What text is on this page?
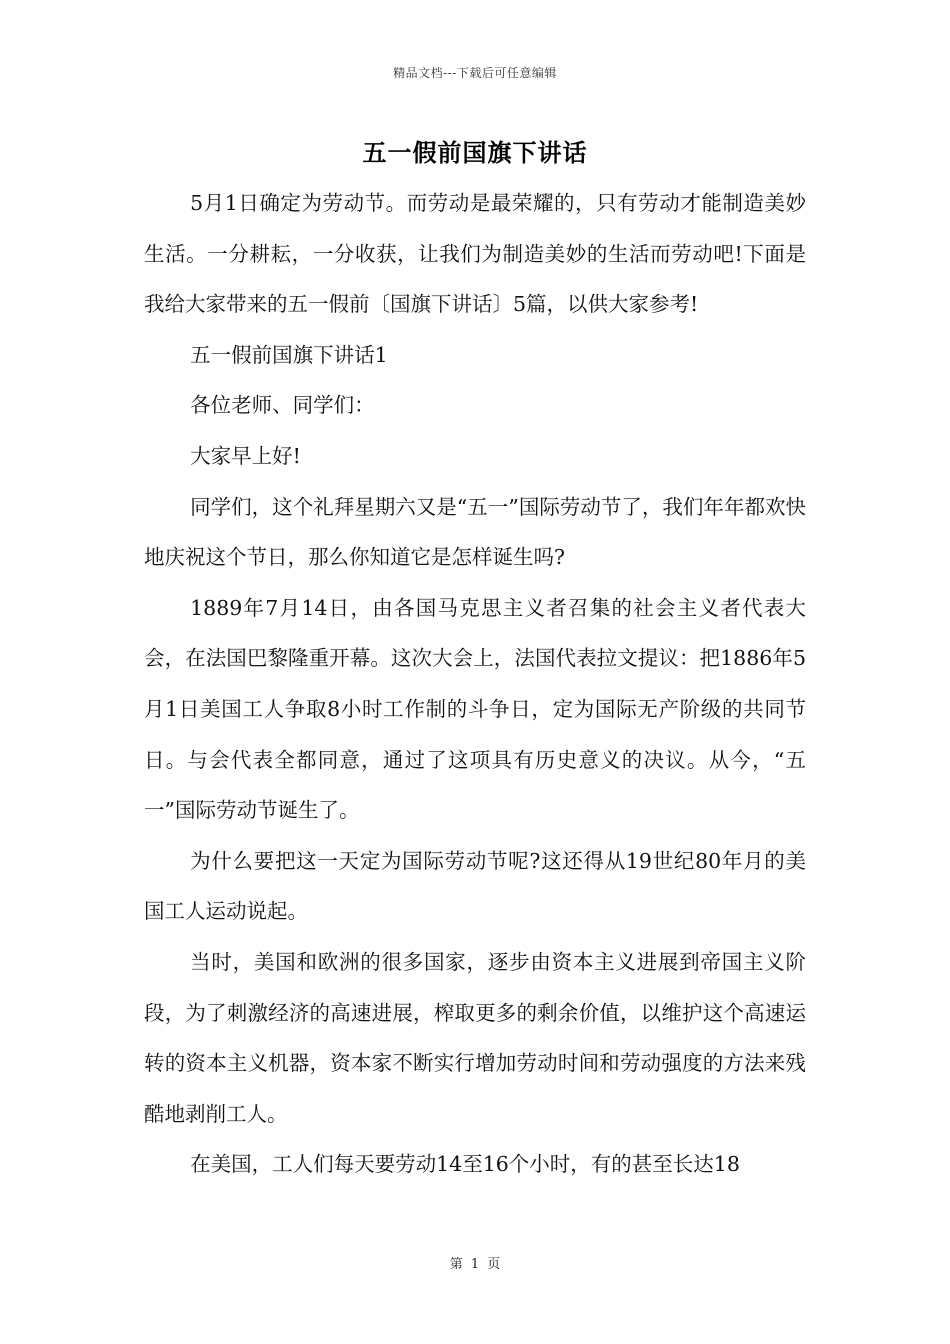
精品文档---下载后可任意编辑
五一假前国旗下讲话

5月1日确定为劳动节。而劳动是最荣耀的，只有劳动才能制造美妙生活。一分耕耘，一分收获，让我们为制造美妙的生活而劳动吧!下面是我给大家带来的五一假前〔国旗下讲话〕5篇，以供大家参考!

五一假前国旗下讲话1

各位老师、同学们：

大家早上好!

同学们，这个礼拜星期六又是“五一”国际劳动节了，我们年年都欢快地庆祝这个节日，那么你知道它是怎样诞生吗?

1889年7月14日，由各国马克思主义者召集的社会主义者代表大会，在法国巴黎隆重开幕。这次大会上，法国代表拉文提议：把1886年5月1日美国工人争取8小时工作制的斗争日，定为国际无产阶级的共同节日。与会代表全都同意，通过了这项具有历史意义的决议。从今，“五一”国际劳动节诞生了。

为什么要把这一天定为国际劳动节呢?这还得从19世纪80年月的美国工人运动说起。

当时，美国和欧洲的很多国家，逐步由资本主义进展到帝国主义阶段，为了刺激经济的高速进展，榨取更多的剩余价值，以维护这个高速运转的资本主义机器，资本家不断实行增加劳动时间和劳动强度的方法来残酷地剥削工人。

在美国，工人们每天要劳动14至16个小时，有的甚至长达18

第 1 页
